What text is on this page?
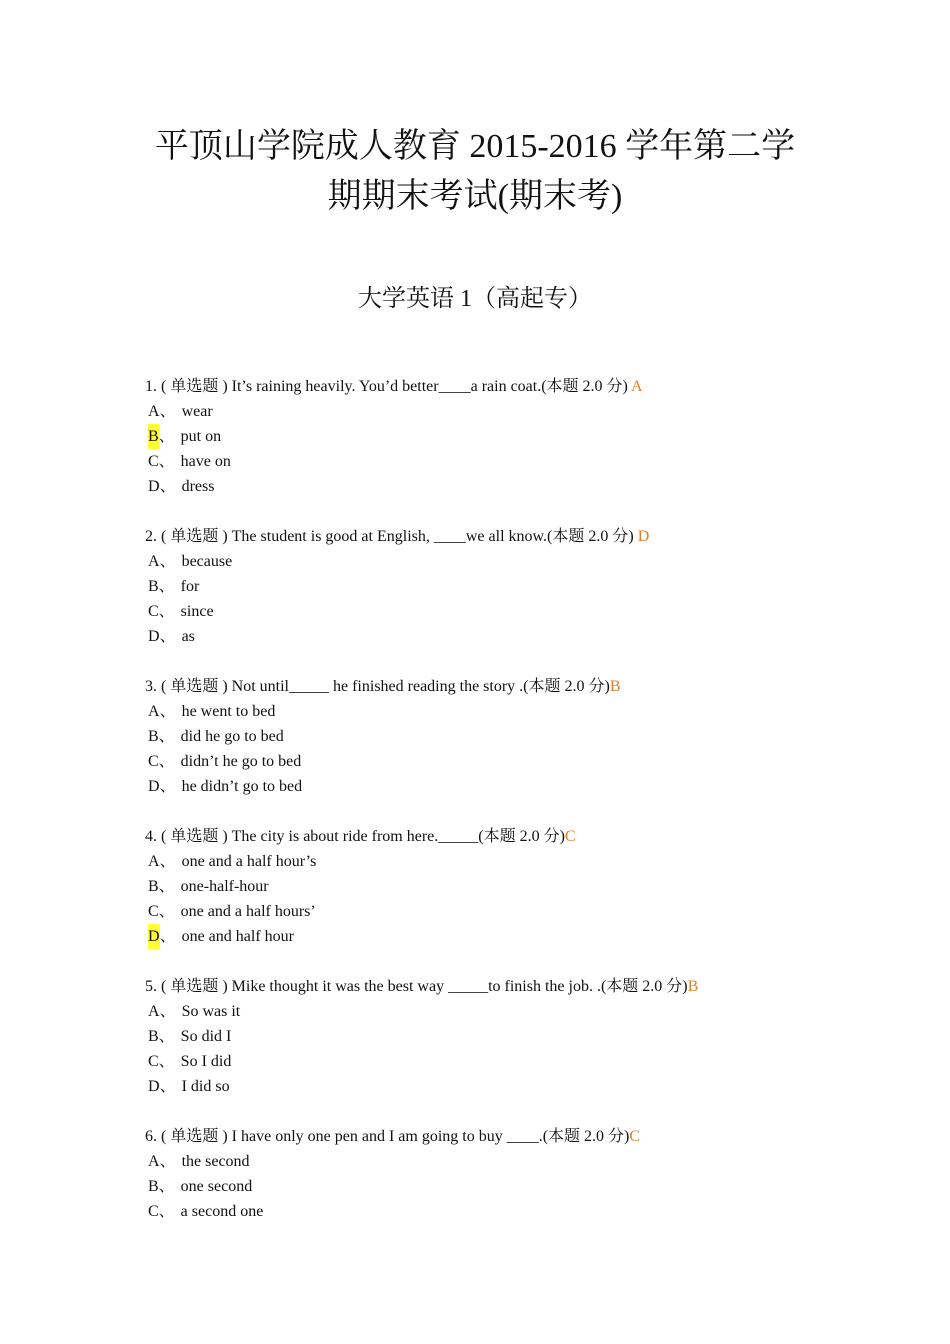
平顶山学院成人教育 2015-2016 学年第二学
期期末考试(期末考)
大学英语 1（高起专）
1. ( 单选题 ) It’s raining heavily. You’d better____a rain coat.(本题 2.0 分) A
A、 wear
B、 put on
C、 have on
D、 dress
2. ( 单选题 ) The student is good at English, ____we all know.(本题 2.0 分) D
A、 because
B、 for
C、 since
D、 as
3. ( 单选题 ) Not until_____ he finished reading the story .(本题 2.0 分)B
A、 he went to bed
B、 did he go to bed
C、 didn’t he go to bed
D、 he didn’t go to bed
4. ( 单选题 ) The city is about ride from here._____(本题 2.0 分)C
A、 one and a half hour’s
B、 one-half-hour
C、 one and a half hours’
D、 one and half hour
5. ( 单选题 ) Mike thought it was the best way _____to finish the job. .(本题 2.0 分)B
A、 So was it
B、 So did I
C、 So I did
D、 I did so
6. ( 单选题 ) I have only one pen and I am going to buy ____.(本题 2.0 分)C
A、 the second
B、 one second
C、 a second one
